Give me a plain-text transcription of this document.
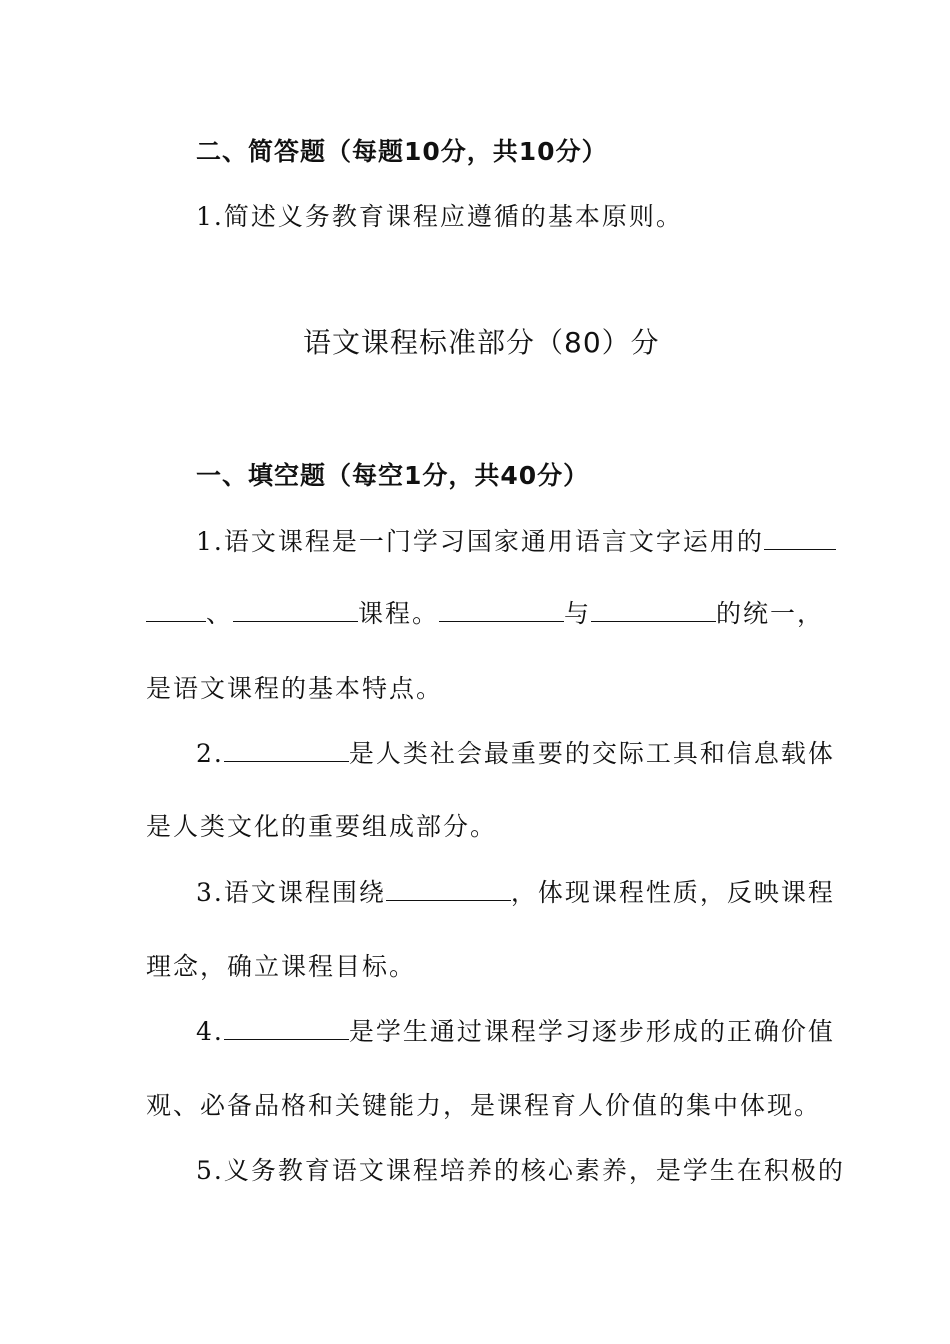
二、简答题（每题10分，共10分）
1.简述义务教育课程应遵循的基本原则。
语文课程标准部分（80）分
一、填空题（每空1分，共40分）
1.语文课程是一门学习国家通用语言文字运用的
、	课程。	与	的统一，
是语文课程的基本特点。
2.	是人类社会最重要的交际工具和信息载体
是人类文化的重要组成部分。
3.语文课程围绕	，体现课程性质，反映课程
理念，确立课程目标。
4.	是学生通过课程学习逐步形成的正确价值
观、必备品格和关键能力，是课程育人价值的集中体现。
5.义务教育语文课程培养的核心素养，是学生在积极的
